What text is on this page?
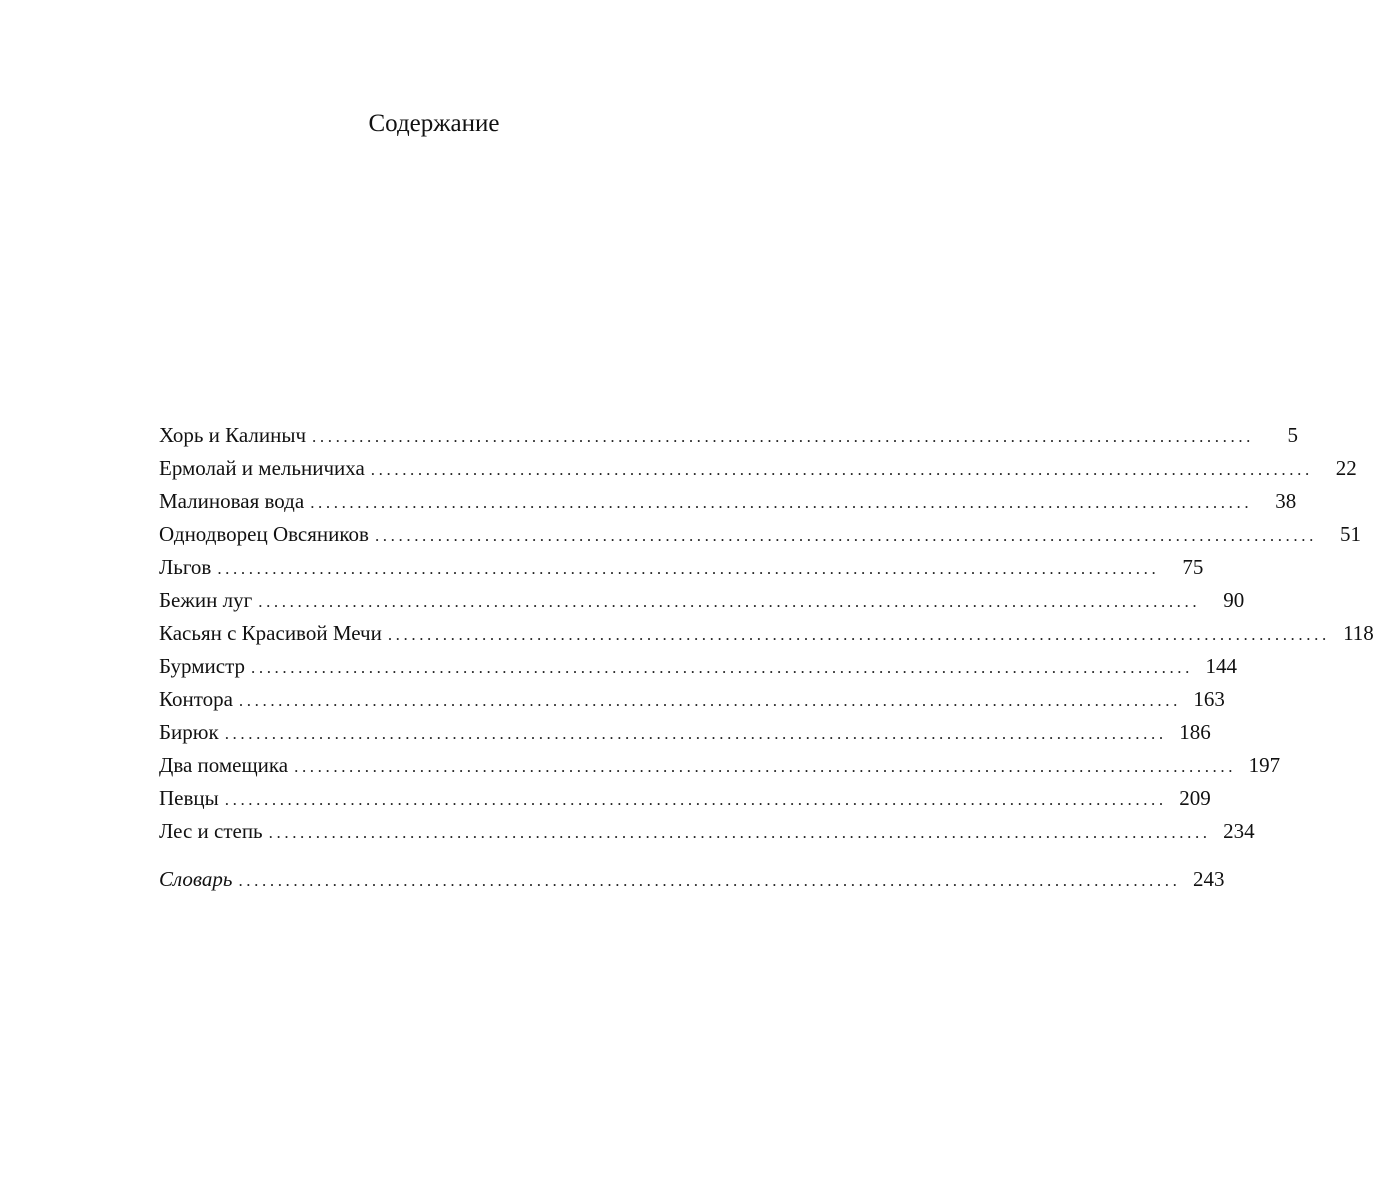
Содержание
Хорь и Калиныч ........................................................................................................................	5
Ермолай и мельничиха ........................................................................................................................	22
Малиновая вода ........................................................................................................................	38
Однодворец Овсяников ........................................................................................................................	51
Льгов ........................................................................................................................	75
Бежин луг ........................................................................................................................	90
Касьян с Красивой Мечи ........................................................................................................................ 118
Бурмистр ........................................................................................................................ 144
Контора ........................................................................................................................ 163
Бирюк ........................................................................................................................ 186
Два помещика ........................................................................................................................ 197
Певцы ........................................................................................................................ 209
Лес и степь ........................................................................................................................ 234
Словарь ........................................................................................................................ 243
